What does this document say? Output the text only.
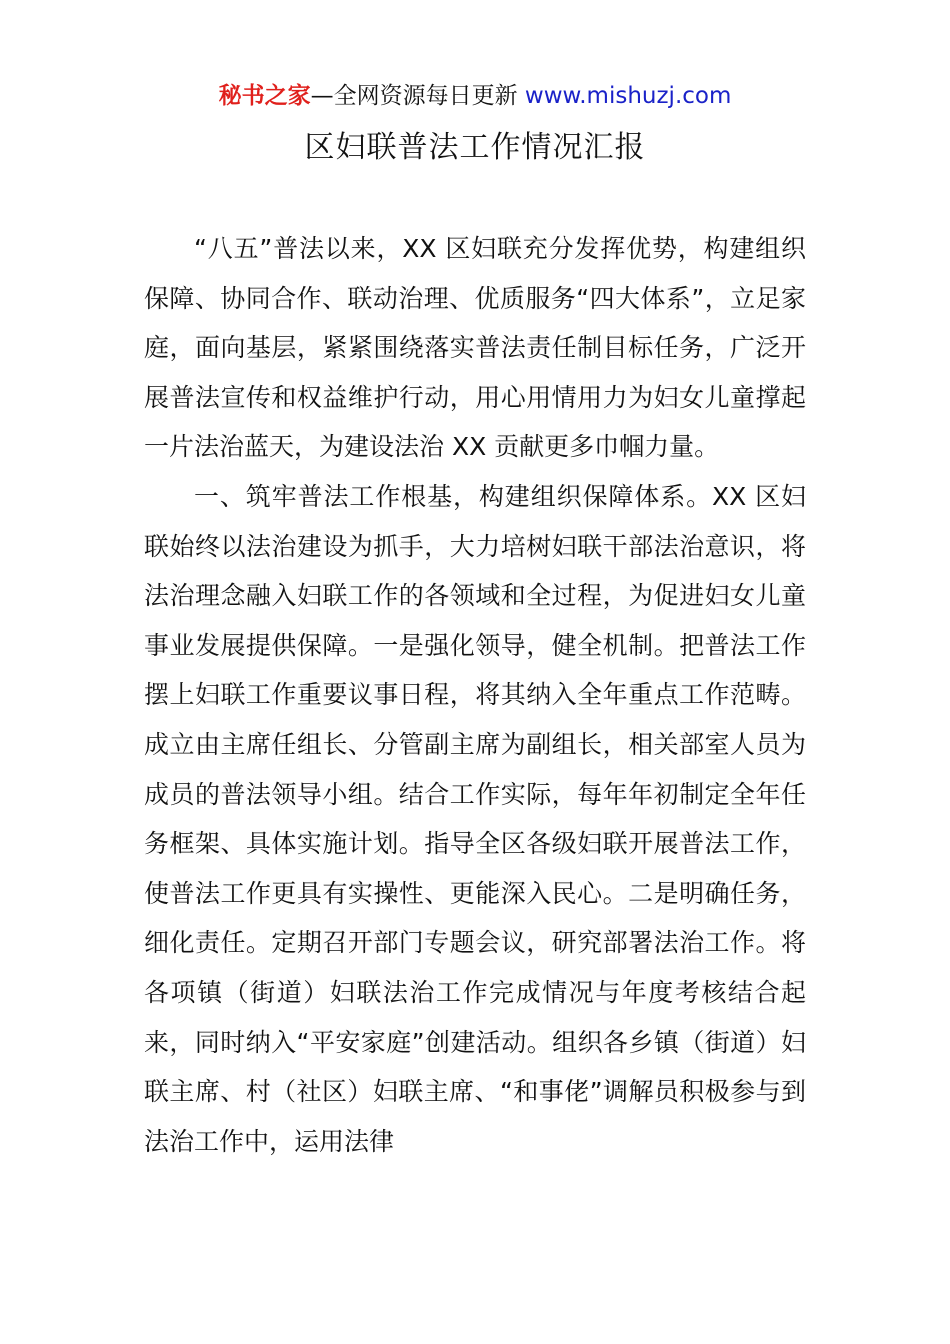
秘书之家—全网资源每日更新 www.mishuzj.com
区妇联普法工作情况汇报

“八五”普法以来，XX 区妇联充分发挥优势，构建组织保障、协同合作、联动治理、优质服务“四大体系”，立足家庭，面向基层，紧紧围绕落实普法责任制目标任务，广泛开展普法宣传和权益维护行动，用心用情用力为妇女儿童撑起一片法治蓝天，为建设法治 XX 贡献更多巾帼力量。

一、筑牢普法工作根基，构建组织保障体系。XX 区妇联始终以法治建设为抓手，大力培树妇联干部法治意识，将法治理念融入妇联工作的各领域和全过程，为促进妇女儿童事业发展提供保障。一是强化领导，健全机制。把普法工作摆上妇联工作重要议事日程，将其纳入全年重点工作范畴。成立由主席任组长、分管副主席为副组长，相关部室人员为成员的普法领导小组。结合工作实际，每年年初制定全年任务框架、具体实施计划。指导全区各级妇联开展普法工作，使普法工作更具有实操性、更能深入民心。二是明确任务，细化责任。定期召开部门专题会议，研究部署法治工作。将各项镇（街道）妇联法治工作完成情况与年度考核结合起来，同时纳入“平安家庭”创建活动。组织各乡镇（街道）妇联主席、村（社区）妇联主席、“和事佬”调解员积极参与到法治工作中，运用法律
